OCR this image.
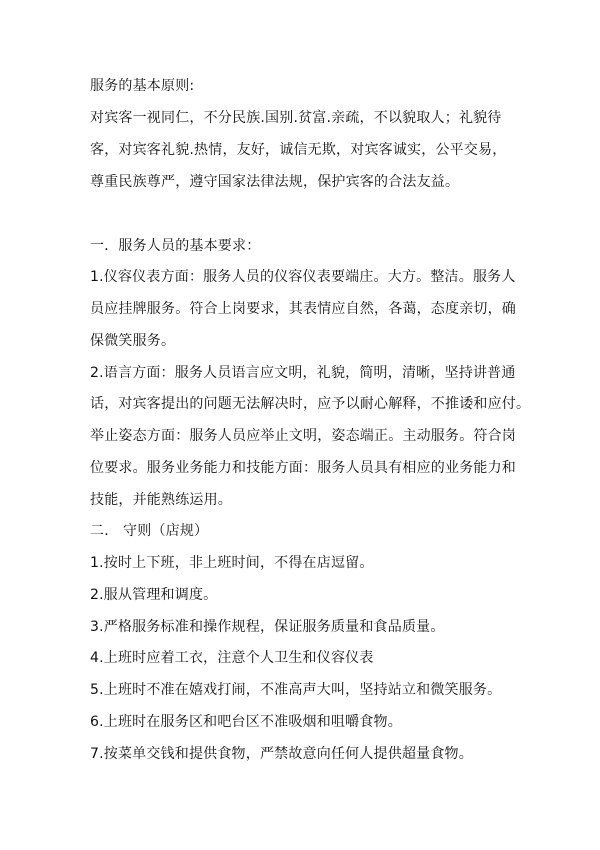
服务的基本原则:
对宾客一视同仁，不分民族.国别.贫富.亲疏，不以貌取人；礼貌待
客，对宾客礼貌.热情，友好，诚信无欺，对宾客诚实，公平交易，
尊重民族尊严，遵守国家法律法规，保护宾客的合法友益。
一．服务人员的基本要求：
1.仪容仪表方面：服务人员的仪容仪表要端庄。大方。整洁。服务人
员应挂牌服务。符合上岗要求，其表情应自然，各蔼，态度亲切，确
保微笑服务。
2.语言方面：服务人员语言应文明，礼貌，简明，清晰，坚持讲普通
话，对宾客提出的问题无法解决时，应予以耐心解释，不推诿和应付。
举止姿态方面：服务人员应举止文明，姿态端正。主动服务。符合岗
位要求。服务业务能力和技能方面：服务人员具有相应的业务能力和
技能，并能熟练运用。
二.　守则（店规）
1.按时上下班，非上班时间，不得在店逗留。
2.服从管理和调度。
3.严格服务标准和操作规程，保证服务质量和食品质量。
4.上班时应着工衣，注意个人卫生和仪容仪表
5.上班时不准在嬉戏打闹，不准高声大叫，坚持站立和微笑服务。
6.上班时在服务区和吧台区不准吸烟和咀嚼食物。
7.按菜单交钱和提供食物，严禁故意向任何人提供超量食物。
